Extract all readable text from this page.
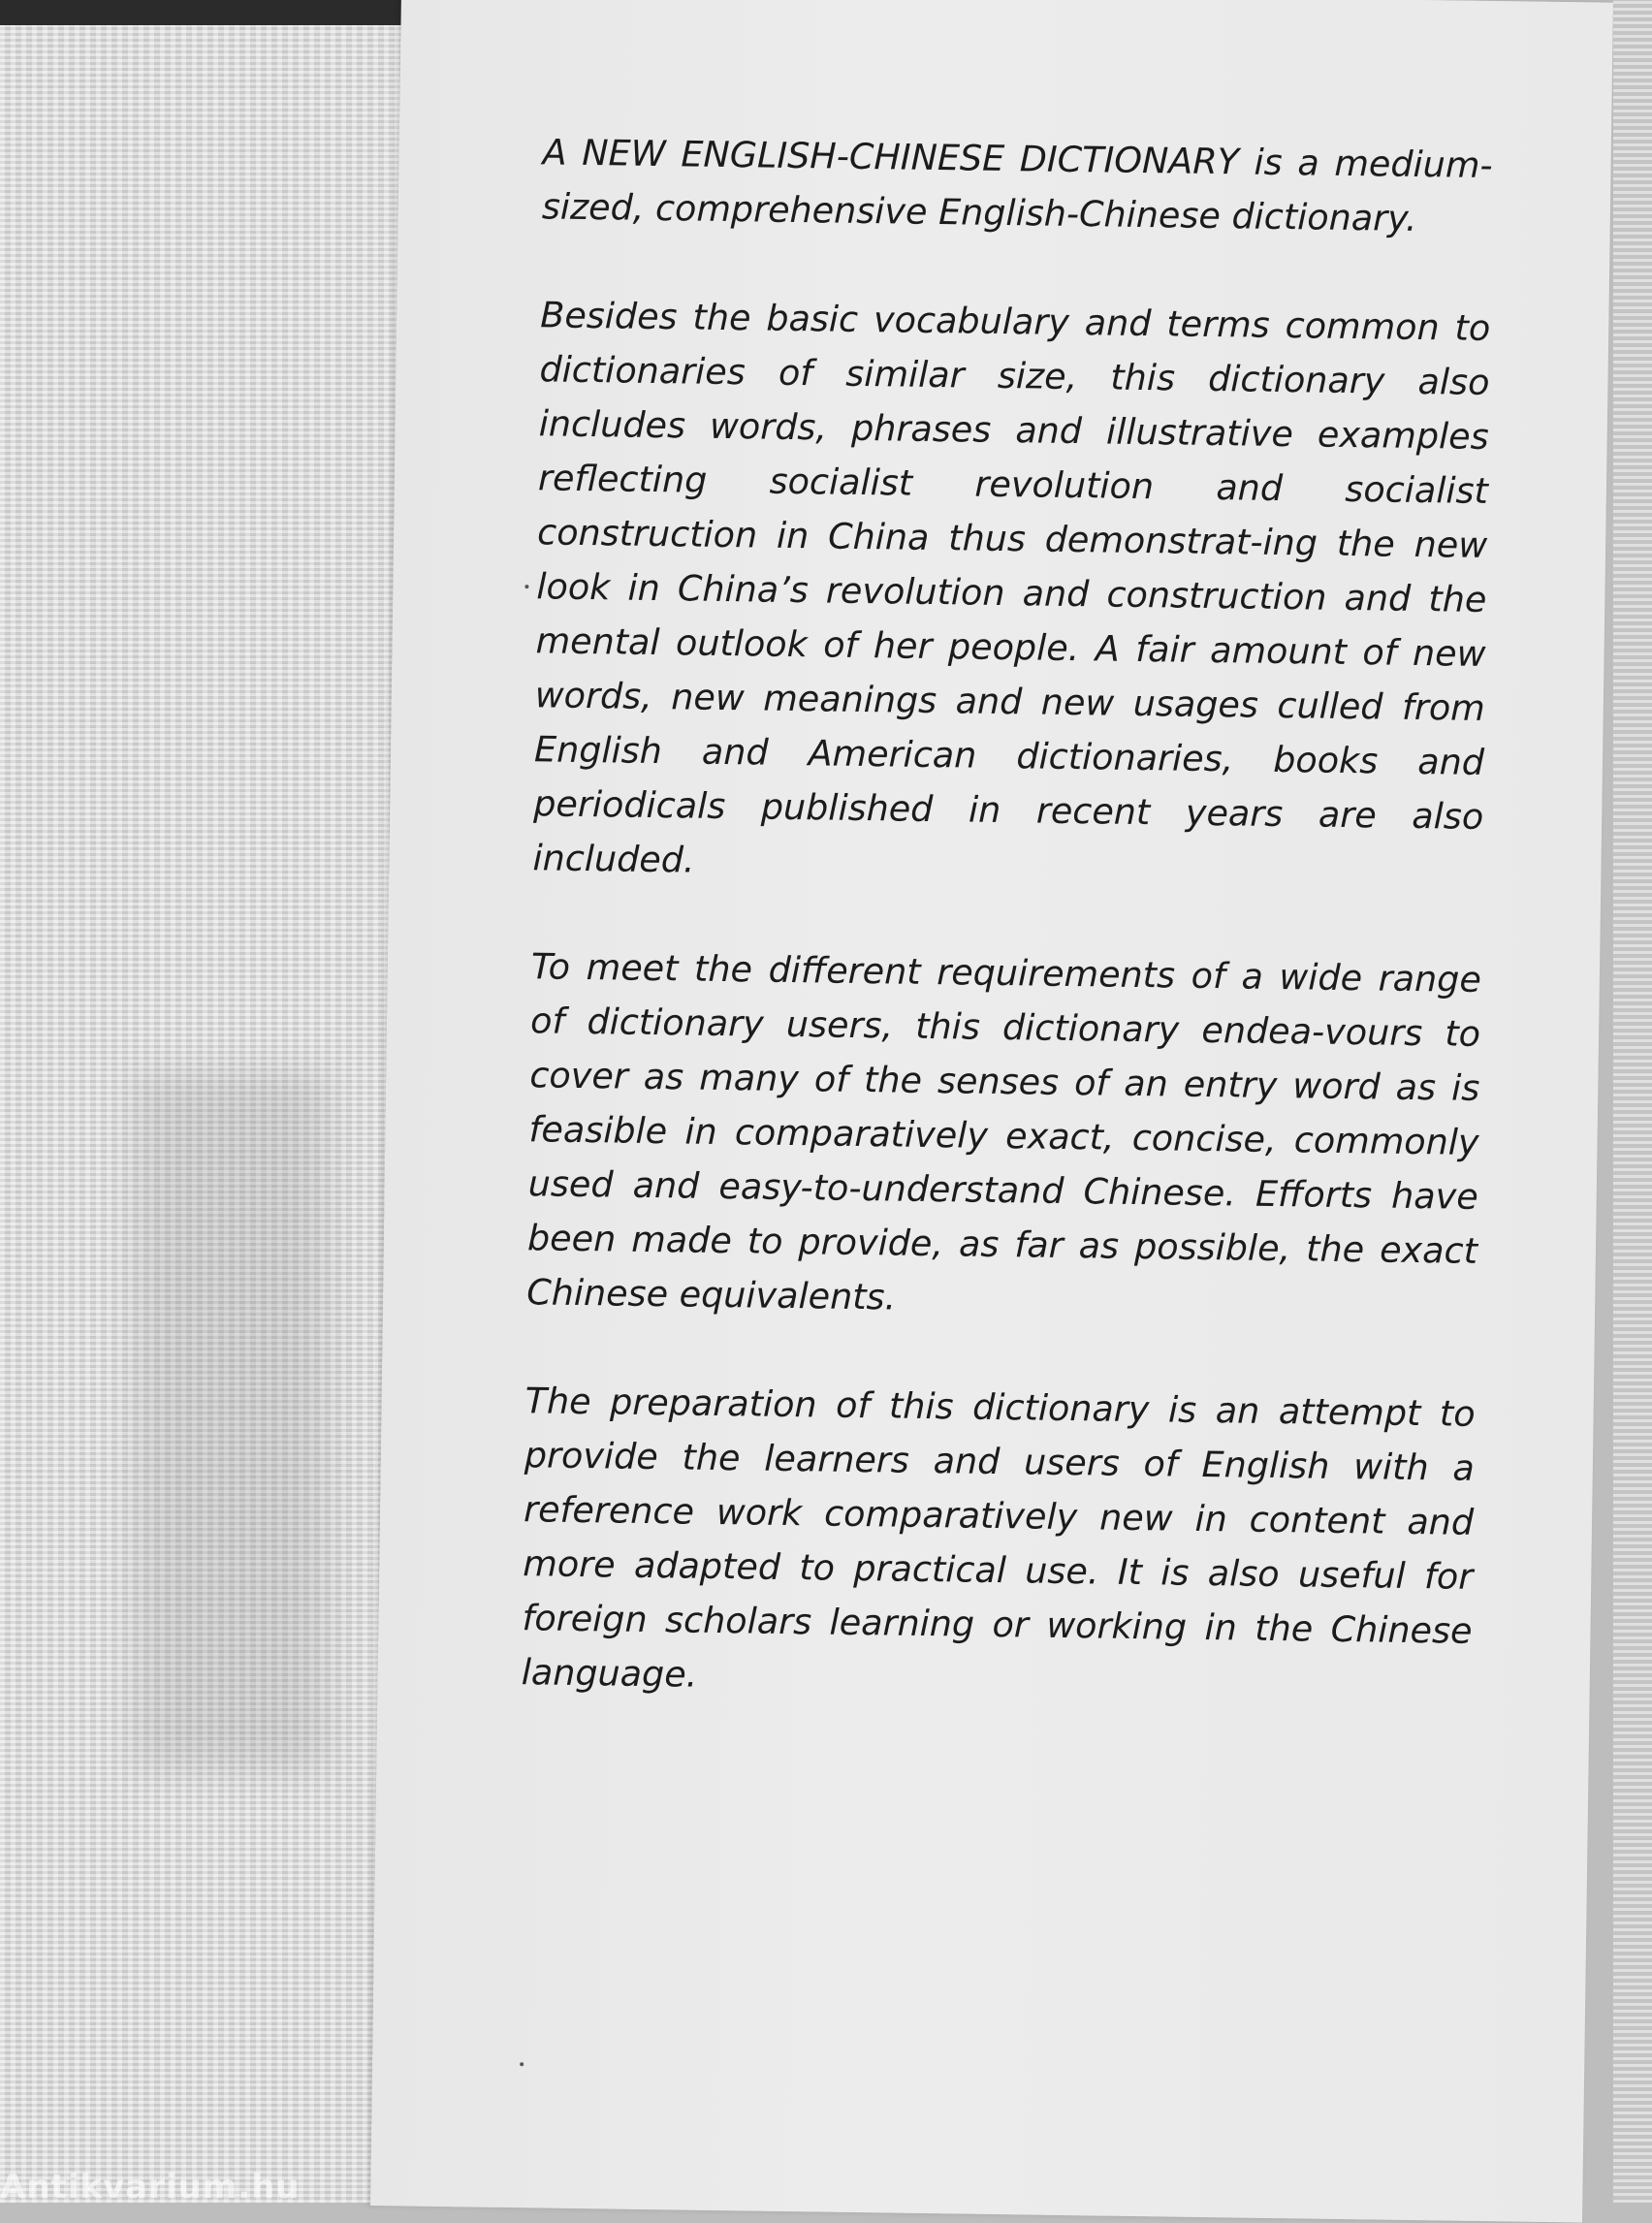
A NEW ENGLISH-CHINESE DICTIONARY is a medium-sized, comprehensive English-Chinese dictionary.

Besides the basic vocabulary and terms common to dictionaries of similar size, this dictionary also includes words, phrases and illustrative examples reflecting socialist revolution and socialist construction in China thus demonstrat-ing the new look in China’s revolution and construction and the mental outlook of her people. A fair amount of new words, new meanings and new usages culled from English and American dictionaries, books and periodicals published in recent years are also included.

To meet the different requirements of a wide range of dictionary users, this dictionary endea-vours to cover as many of the senses of an entry word as is feasible in comparatively exact, concise, commonly used and easy-to-understand Chinese. Efforts have been made to provide, as far as possible, the exact Chinese equivalents.

The preparation of this dictionary is an attempt to provide the learners and users of English with a reference work comparatively new in content and more adapted to practical use. It is also useful for foreign scholars learning or working in the Chinese language.

Antikvarium.hu
